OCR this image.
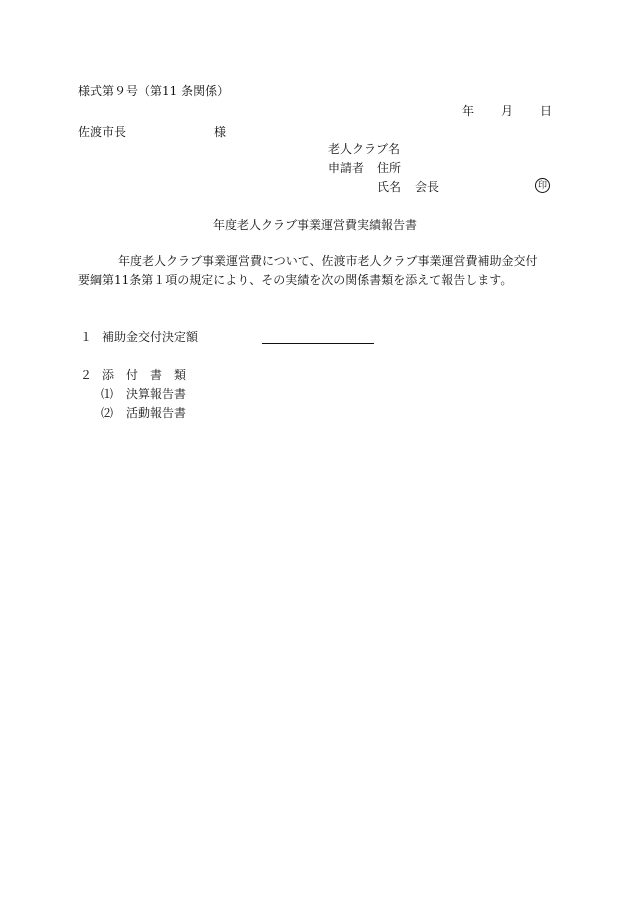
様式第９号（第11 条関係）
年 月 日
佐渡市長	様
老人クラブ名
申請者 住所
氏名 会長	印
年度老人クラブ事業運営費実績報告書
年度老人クラブ事業運営費について、佐渡市老人クラブ事業運営費補助金交付
要綱第11条第１項の規定により、その実績を次の関係書類を添えて報告します。
１ 補助金交付決定額
２ 添付書類
⑴ 決算報告書
⑵ 活動報告書
